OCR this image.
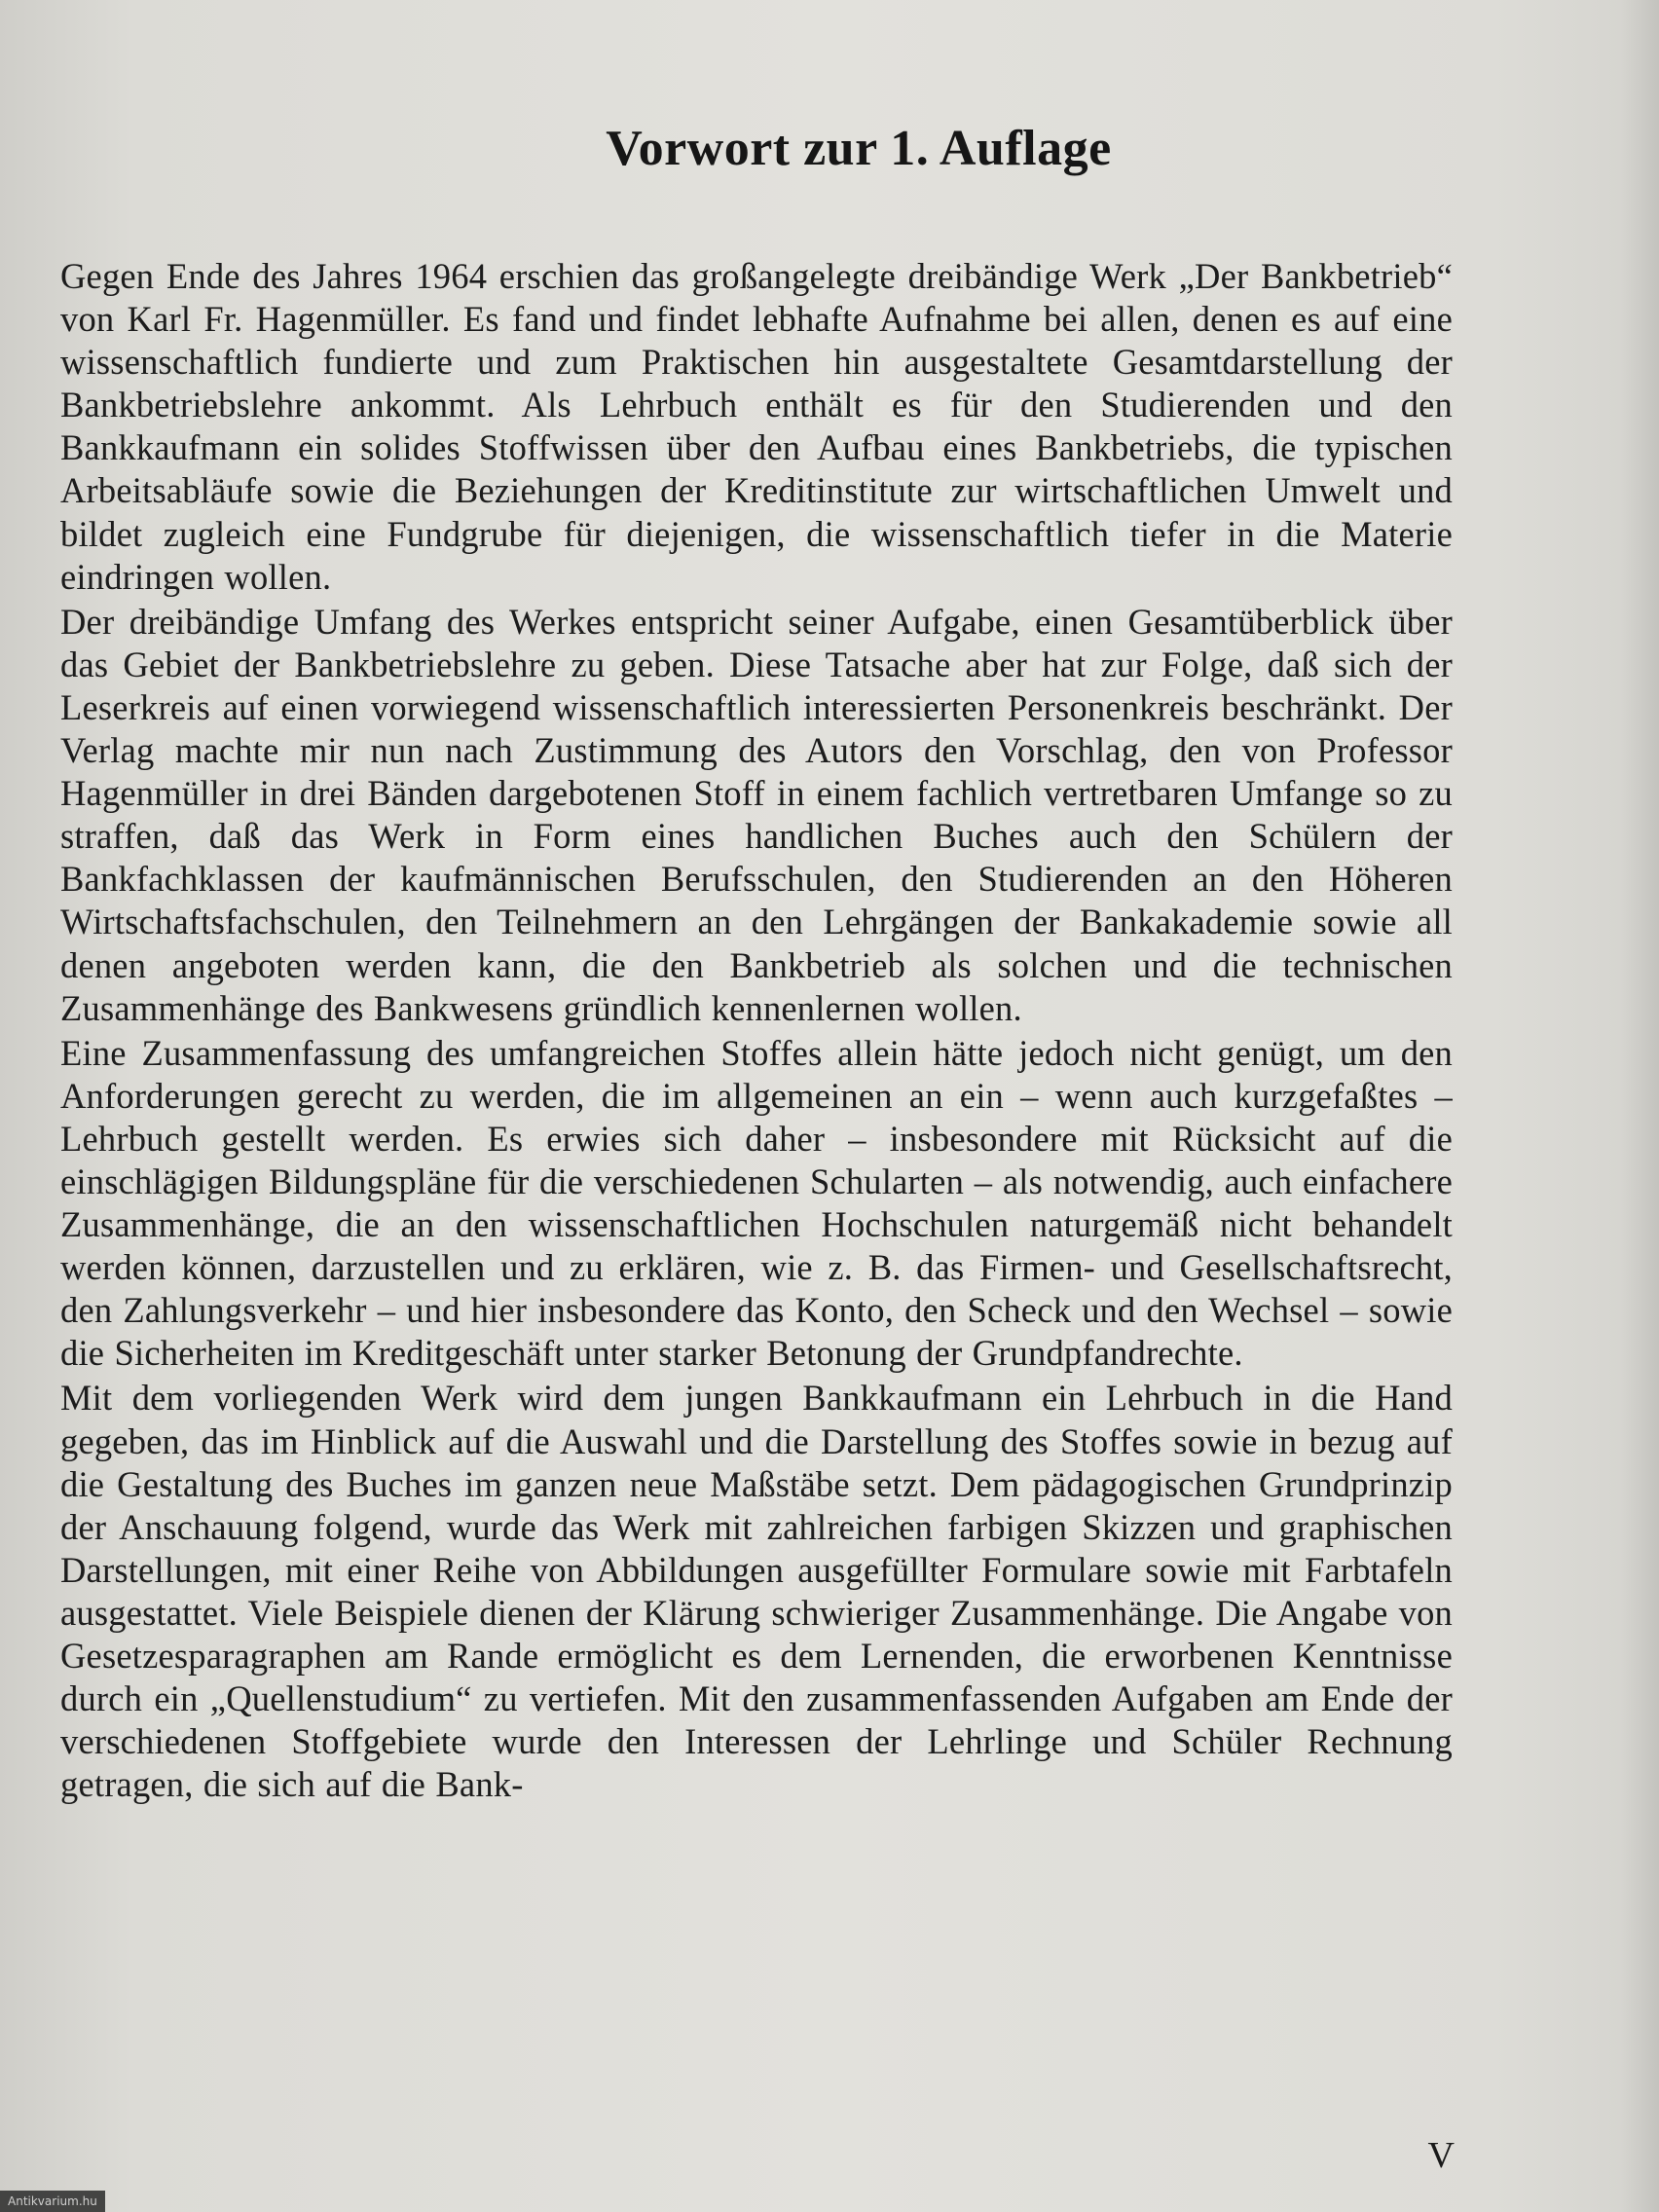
Vorwort zur 1. Auflage

Gegen Ende des Jahres 1964 erschien das großangelegte dreibändige Werk „Der Bankbetrieb“ von Karl Fr. Hagenmüller. Es fand und findet lebhafte Aufnahme bei allen, denen es auf eine wissenschaftlich fundierte und zum Praktischen hin ausgestaltete Gesamtdarstellung der Bankbetriebslehre ankommt. Als Lehrbuch enthält es für den Studierenden und den Bankkaufmann ein solides Stoffwissen über den Aufbau eines Bankbetriebs, die typischen Arbeitsabläufe sowie die Beziehungen der Kreditinstitute zur wirtschaftlichen Umwelt und bildet zugleich eine Fundgrube für diejenigen, die wissenschaftlich tiefer in die Materie eindringen wollen.

Der dreibändige Umfang des Werkes entspricht seiner Aufgabe, einen Gesamtüberblick über das Gebiet der Bankbetriebslehre zu geben. Diese Tatsache aber hat zur Folge, daß sich der Leserkreis auf einen vorwiegend wissenschaftlich interessierten Personenkreis beschränkt. Der Verlag machte mir nun nach Zustimmung des Autors den Vorschlag, den von Professor Hagenmüller in drei Bänden dargebotenen Stoff in einem fachlich vertretbaren Umfange so zu straffen, daß das Werk in Form eines handlichen Buches auch den Schülern der Bankfachklassen der kaufmännischen Berufsschulen, den Studierenden an den Höheren Wirtschaftsfachschulen, den Teilnehmern an den Lehrgängen der Bankakademie sowie all denen angeboten werden kann, die den Bankbetrieb als solchen und die technischen Zusammenhänge des Bankwesens gründlich kennenlernen wollen.

Eine Zusammenfassung des umfangreichen Stoffes allein hätte jedoch nicht genügt, um den Anforderungen gerecht zu werden, die im allgemeinen an ein – wenn auch kurzgefaßtes – Lehrbuch gestellt werden. Es erwies sich daher – insbesondere mit Rücksicht auf die einschlägigen Bildungspläne für die verschiedenen Schularten – als notwendig, auch einfachere Zusammenhänge, die an den wissenschaftlichen Hochschulen naturgemäß nicht behandelt werden können, darzustellen und zu erklären, wie z. B. das Firmen- und Gesellschaftsrecht, den Zahlungsverkehr – und hier insbesondere das Konto, den Scheck und den Wechsel – sowie die Sicherheiten im Kreditgeschäft unter starker Betonung der Grundpfandrechte.

Mit dem vorliegenden Werk wird dem jungen Bankkaufmann ein Lehrbuch in die Hand gegeben, das im Hinblick auf die Auswahl und die Darstellung des Stoffes sowie in bezug auf die Gestaltung des Buches im ganzen neue Maßstäbe setzt. Dem pädagogischen Grundprinzip der Anschauung folgend, wurde das Werk mit zahlreichen farbigen Skizzen und graphischen Darstellungen, mit einer Reihe von Abbildungen ausgefüllter Formulare sowie mit Farbtafeln ausgestattet. Viele Beispiele dienen der Klärung schwieriger Zusammenhänge. Die Angabe von Gesetzesparagraphen am Rande ermöglicht es dem Lernenden, die erworbenen Kenntnisse durch ein „Quellenstudium“ zu vertiefen. Mit den zusammenfassenden Aufgaben am Ende der verschiedenen Stoffgebiete wurde den Interessen der Lehrlinge und Schüler Rechnung getragen, die sich auf die Bank-

V
Antikvarium.hu
